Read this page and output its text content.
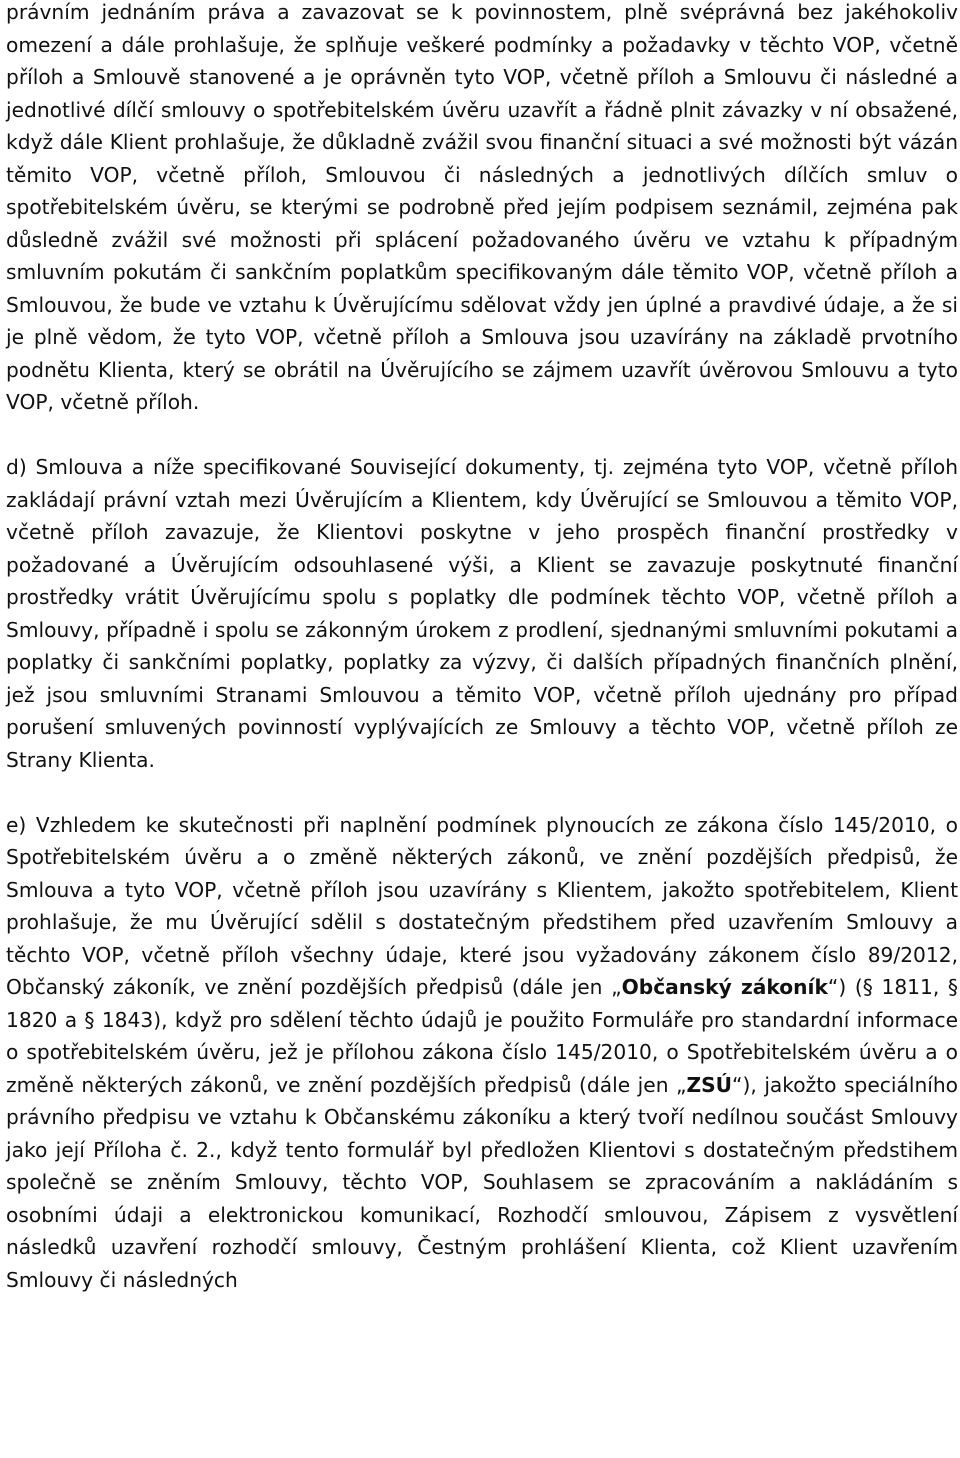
právním jednáním práva a zavazovat se k povinnostem, plně svéprávná bez jakéhokoliv omezení a dále prohlašuje, že splňuje veškeré podmínky a požadavky v těchto VOP, včetně příloh a Smlouvě stanovené a je oprávněn tyto VOP, včetně příloh a Smlouvu či následné a jednotlivé dílčí smlouvy o spotřebitelském úvěru uzavřít a řádně plnit závazky v ní obsažené, když dále Klient prohlašuje, že důkladně zvážil svou finanční situaci a své možnosti být vázán těmito VOP, včetně příloh, Smlouvou či následných a jednotlivých dílčích smluv o spotřebitelském úvěru, se kterými se podrobně před jejím podpisem seznámil, zejména pak důsledně zvážil své možnosti při splácení požadovaného úvěru ve vztahu k případným smluvním pokutám či sankčním poplatkům specifikovaným dále těmito VOP, včetně příloh a Smlouvou, že bude ve vztahu k Úvěrujícímu sdělovat vždy jen úplné a pravdivé údaje, a že si je plně vědom, že tyto VOP, včetně příloh a Smlouva jsou uzavírány na základě prvotního podnětu Klienta, který se obrátil na Úvěrujícího se zájmem uzavřít úvěrovou Smlouvu a tyto VOP, včetně příloh.

d) Smlouva a níže specifikované Související dokumenty, tj. zejména tyto VOP, včetně příloh zakládají právní vztah mezi Úvěrujícím a Klientem, kdy Úvěrující se Smlouvou a těmito VOP, včetně příloh zavazuje, že Klientovi poskytne v jeho prospěch finanční prostředky v požadované a Úvěrujícím odsouhlasené výši, a Klient se zavazuje poskytnuté finanční prostředky vrátit Úvěrujícímu spolu s poplatky dle podmínek těchto VOP, včetně příloh a Smlouvy, případně i spolu se zákonným úrokem z prodlení, sjednanými smluvními pokutami a poplatky či sankčními poplatky, poplatky za výzvy, či dalších případných finančních plnění, jež jsou smluvními Stranami Smlouvou a těmito VOP, včetně příloh ujednány pro případ porušení smluvených povinností vyplývajících ze Smlouvy a těchto VOP, včetně příloh ze Strany Klienta.

e) Vzhledem ke skutečnosti při naplnění podmínek plynoucích ze zákona číslo 145/2010, o Spotřebitelském úvěru a o změně některých zákonů, ve znění pozdějších předpisů, že Smlouva a tyto VOP, včetně příloh jsou uzavírány s Klientem, jakožto spotřebitelem, Klient prohlašuje, že mu Úvěrující sdělil s dostatečným předstihem před uzavřením Smlouvy a těchto VOP, včetně příloh všechny údaje, které jsou vyžadovány zákonem číslo 89/2012, Občanský zákoník, ve znění pozdějších předpisů (dále jen „Občanský zákoník“) (§ 1811, § 1820 a § 1843), když pro sdělení těchto údajů je použito Formuláře pro standardní informace o spotřebitelském úvěru, jež je přílohou zákona číslo 145/2010, o Spotřebitelském úvěru a o změně některých zákonů, ve znění pozdějších předpisů (dále jen „ZSÚ“), jakožto speciálního právního předpisu ve vztahu k Občanskému zákoníku a který tvoří nedílnou součást Smlouvy jako její Příloha č. 2., když tento formulář byl předložen Klientovi s dostatečným předstihem společně se zněním Smlouvy, těchto VOP, Souhlasem se zpracováním a nakládáním s osobními údaji a elektronickou komunikací, Rozhodčí smlouvou, Zápisem z vysvětlení následků uzavření rozhodčí smlouvy, Čestným prohlášení Klienta, což Klient uzavřením Smlouvy či následných
